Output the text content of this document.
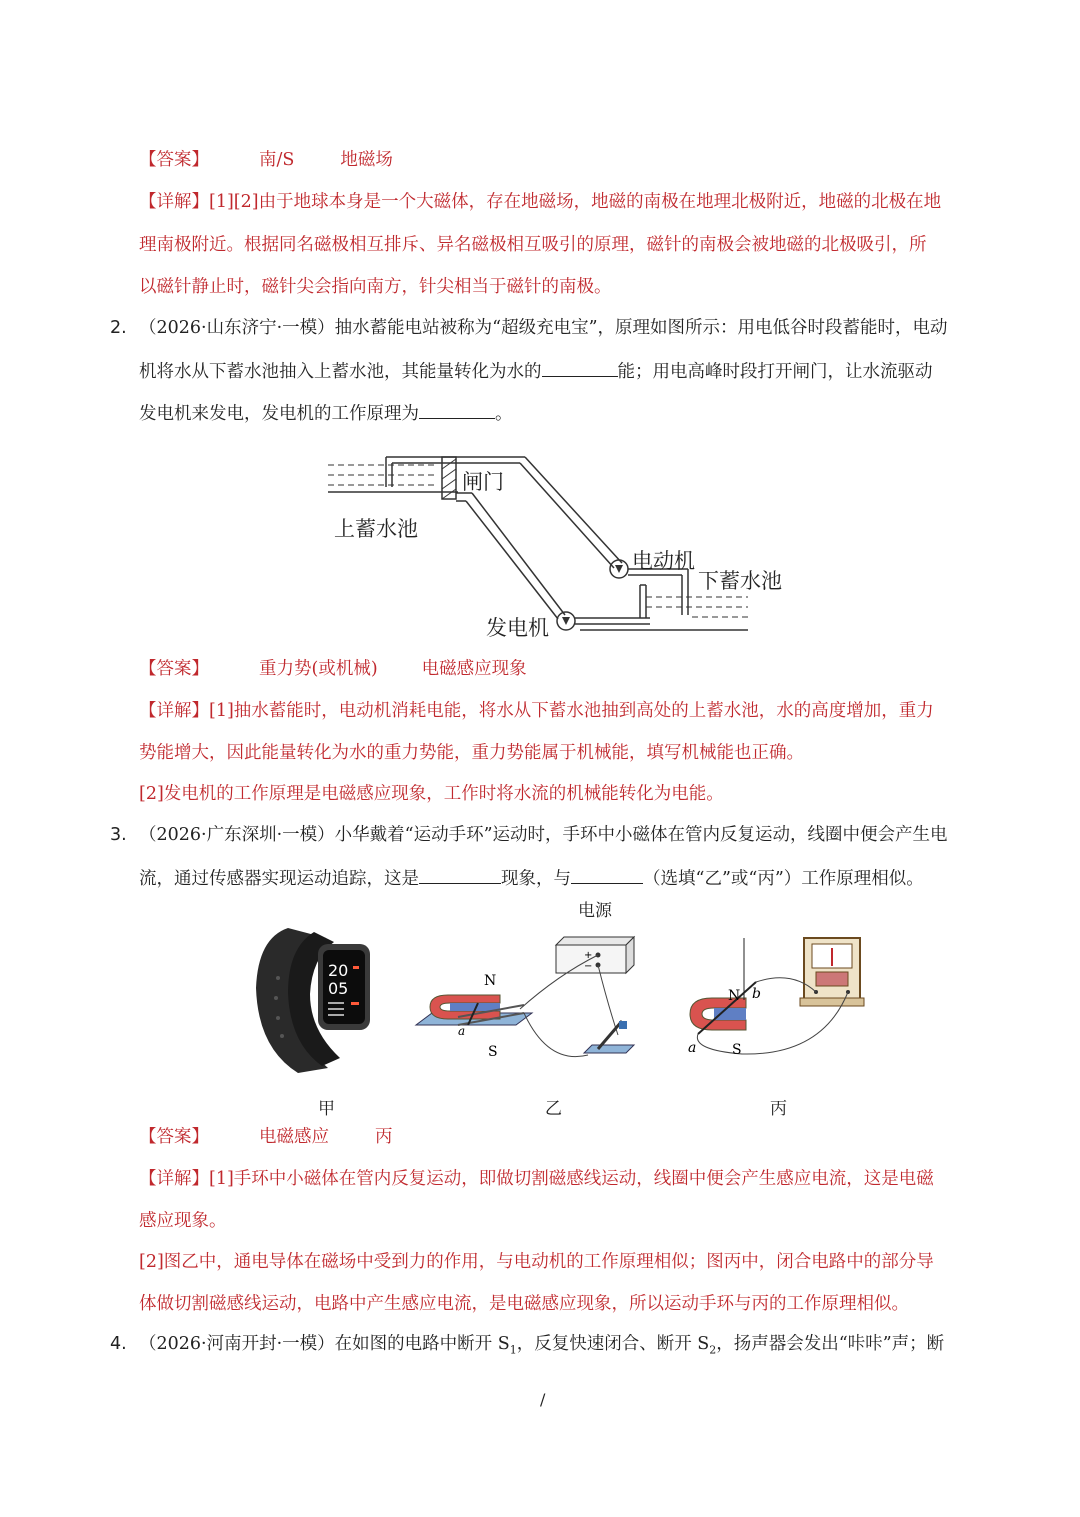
【答案】	南/S	地磁场
【详解】[1][2]由于地球本身是一个大磁体，存在地磁场，地磁的南极在地理北极附近，地磁的北极在地
理南极附近。根据同名磁极相互排斥、异名磁极相互吸引的原理，磁针的南极会被地磁的北极吸引，所
以磁针静止时，磁针尖会指向南方，针尖相当于磁针的南极。
2. （2026·山东济宁·一模）抽水蓄能电站被称为“超级充电宝”，原理如图所示：用电低谷时段蓄能时，电动
机将水从下蓄水池抽入上蓄水池，其能量转化为水的	能；用电高峰时段打开闸门，让水流驱动
发电机来发电，发电机的工作原理为	。
闸门
上蓄水池
电动机
下蓄水池
发电机
【答案】	重力势(或机械)	电磁感应现象
【详解】[1]抽水蓄能时，电动机消耗电能，将水从下蓄水池抽到高处的上蓄水池，水的高度增加，重力
势能增大，因此能量转化为水的重力势能，重力势能属于机械能，填写机械能也正确。
[2]发电机的工作原理是电磁感应现象，工作时将水流的机械能转化为电能。
3. （2026·广东深圳·一模）小华戴着“运动手环”运动时，手环中小磁体在管内反复运动，线圈中便会产生电
流，通过传感器实现运动追踪，这是	现象，与	（选填“乙”或“丙”）工作原理相似。
20
05
甲
+
−
N
S
a
电源
乙
N b
S
a
丙
【答案】	电磁感应	丙
【详解】[1]手环中小磁体在管内反复运动，即做切割磁感线运动，线圈中便会产生感应电流，这是电磁
感应现象。
[2]图乙中，通电导体在磁场中受到力的作用，与电动机的工作原理相似；图丙中，闭合电路中的部分导
体做切割磁感线运动，电路中产生感应电流，是电磁感应现象，所以运动手环与丙的工作原理相似。
4. （2026·河南开封·一模）在如图的电路中断开 $S_1$，反复快速闭合、断开 $S_2$，扬声器会发出“咔咔”声；断
/
